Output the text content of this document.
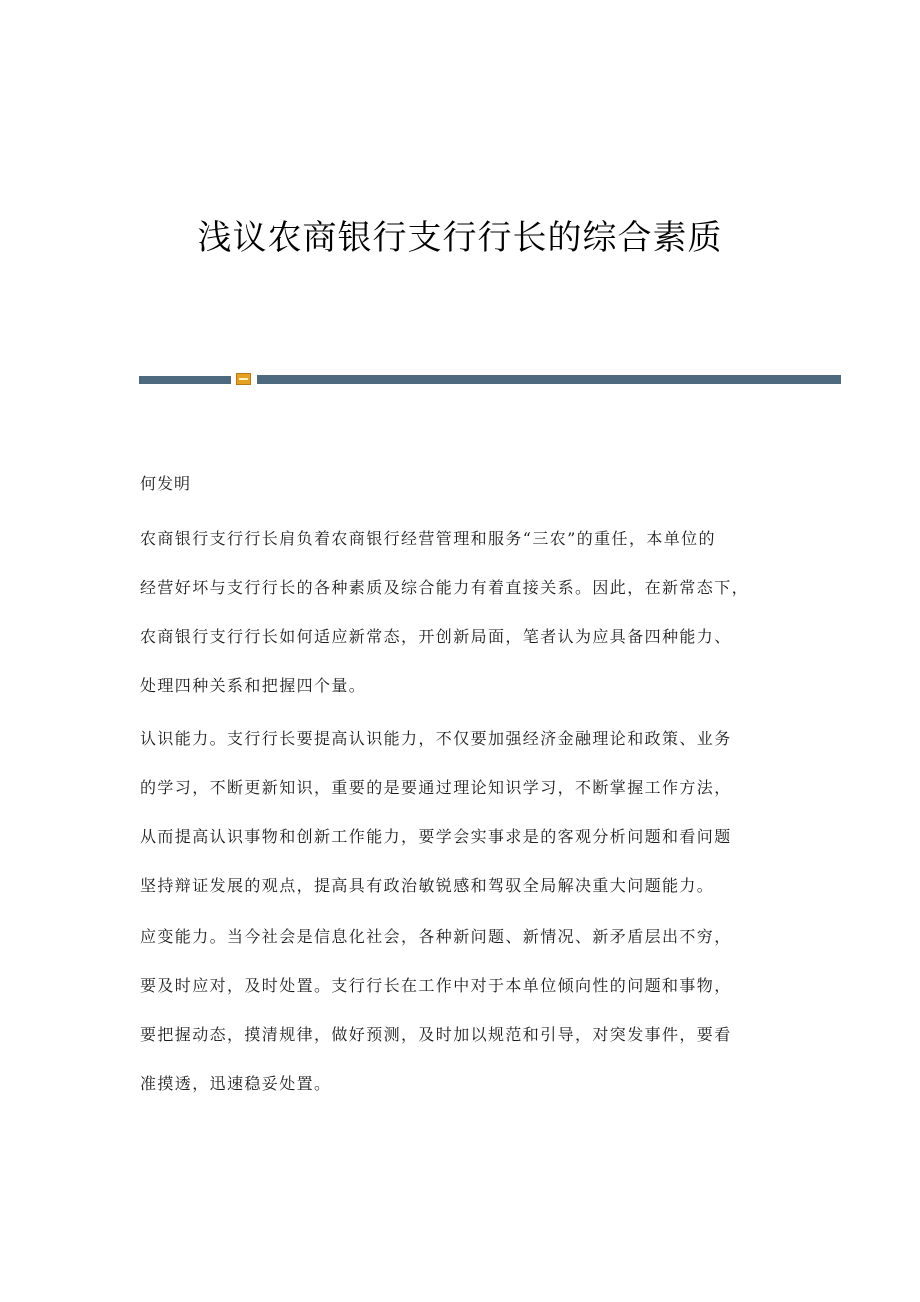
浅议农商银行支行行长的综合素质
何发明
农商银行支行行长肩负着农商银行经营管理和服务“三农”的重任，本单位的
经营好坏与支行行长的各种素质及综合能力有着直接关系。因此，在新常态下，
农商银行支行行长如何适应新常态，开创新局面，笔者认为应具备四种能力、
处理四种关系和把握四个量。
认识能力。支行行长要提高认识能力，不仅要加强经济金融理论和政策、业务
的学习，不断更新知识，重要的是要通过理论知识学习，不断掌握工作方法，
从而提高认识事物和创新工作能力，要学会实事求是的客观分析问题和看问题
坚持辩证发展的观点，提高具有政治敏锐感和驾驭全局解决重大问题能力。
应变能力。当今社会是信息化社会，各种新问题、新情况、新矛盾层出不穷，
要及时应对，及时处置。支行行长在工作中对于本单位倾向性的问题和事物，
要把握动态，摸清规律，做好预测，及时加以规范和引导，对突发事件，要看
准摸透，迅速稳妥处置。
